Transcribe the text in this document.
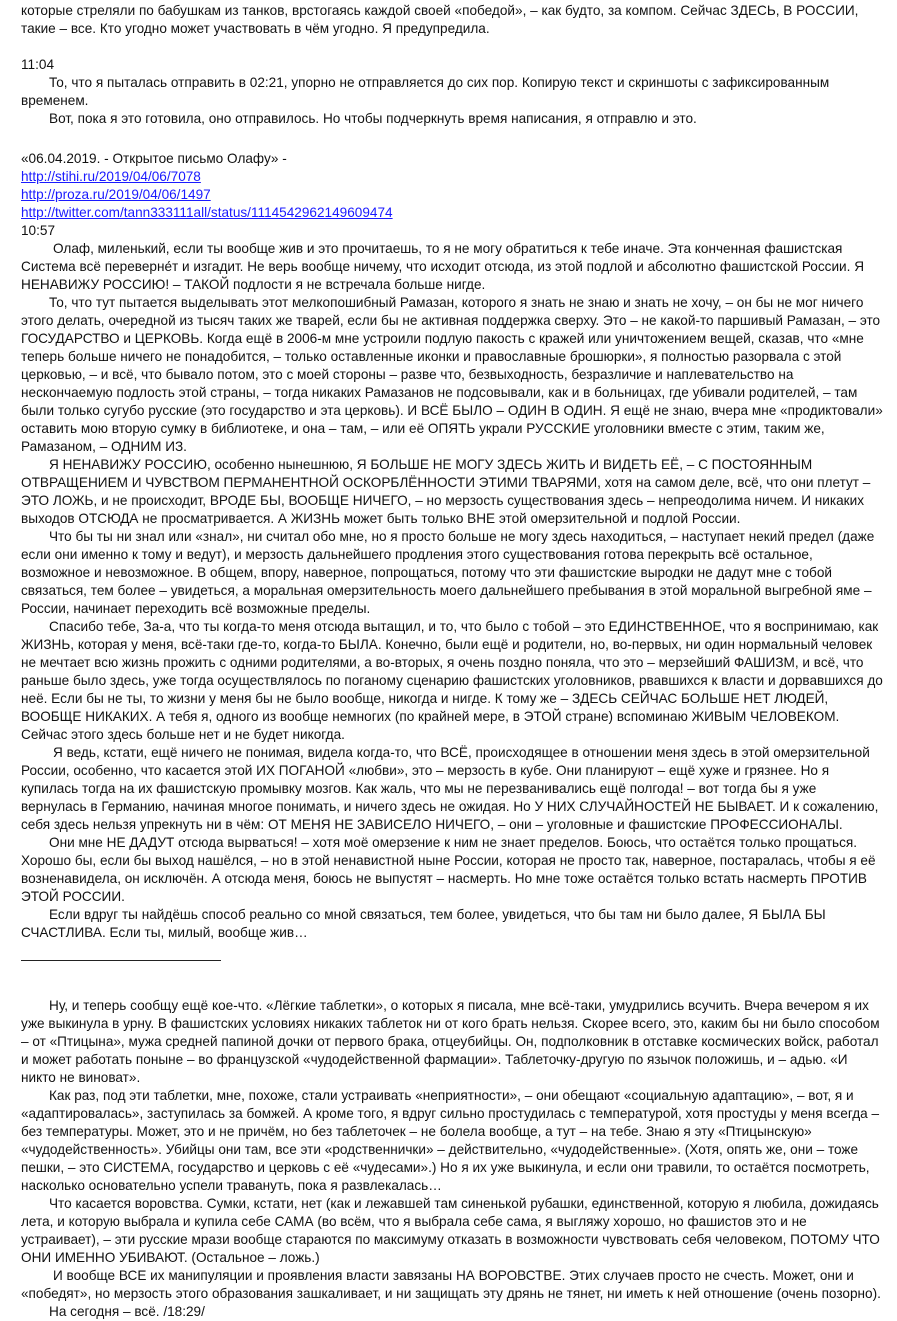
которые стреляли по бабушкам из танков, врстогаясь каждой своей «победой», – как будто, за компом. Сейчас ЗДЕСЬ, В РОССИИ, такие – все. Кто угодно может участвовать в чём угодно. Я предупредила.

11:04

То, что я пыталась отправить в 02:21, упорно не отправляется до сих пор. Копирую текст и скриншоты с зафиксированным временем.

Вот, пока я это готовила, оно отправилось. Но чтобы подчеркнуть время написания, я отправлю и это.

«06.04.2019. - Открытое письмо Олафу» -

http://stihi.ru/2019/04/06/7078
http://proza.ru/2019/04/06/1497
http://twitter.com/tann333111all/status/1114542962149609474

10:57

Олаф, миленький, если ты вообще жив и это прочитаешь, то я не могу обратиться к тебе иначе. Эта конченная фашистская Система всё переверне́т и изгадит. Не верь вообще ничему, что исходит отсюда, из этой подлой и абсолютно фашистской России. Я НЕНАВИЖУ РОССИЮ! – ТАКОЙ подлости я не встречала больше нигде.

То, что тут пытается выделывать этот мелкопошибный Рамазан, которого я знать не знаю и знать не хочу, – он бы не мог ничего этого делать, очередной из тысяч таких же тварей, если бы не активная поддержка сверху. Это – не какой-то паршивый Рамазан, – это ГОСУДАРСТВО и ЦЕРКОВЬ. Когда ещё в 2006-м мне устроили подлую пакость с кражей или уничтожением вещей, сказав, что «мне теперь больше ничего не понадобится, – только оставленные иконки и православные брошюрки», я полностью разорвала с этой церковью, – и всё, что бывало потом, это с моей стороны – разве что, безвыходность, безразличие и наплевательство на нескончаемую подлость этой страны, – тогда никаких Рамазанов не подсовывали, как и в больницах, где убивали родителей, – там были только сугубо русские (это государство и эта церковь). И ВСЁ БЫЛО – ОДИН В ОДИН. Я ещё не знаю, вчера мне «продиктовали» оставить мою вторую сумку в библиотеке, и она – там, – или её ОПЯТЬ украли РУССКИЕ уголовники вместе с этим, таким же, Рамазаном, – ОДНИМ ИЗ.

Я НЕНАВИЖУ РОССИЮ, особенно нынешнюю, Я БОЛЬШЕ НЕ МОГУ ЗДЕСЬ ЖИТЬ И ВИДЕТЬ ЕЁ, – С ПОСТОЯННЫМ ОТВРАЩЕНИЕМ И ЧУВСТВОМ ПЕРМАНЕНТНОЙ ОСКОРБЛЁННОСТИ ЭТИМИ ТВАРЯМИ, хотя на самом деле, всё, что они плетут – ЭТО ЛОЖЬ, и не происходит, ВРОДЕ БЫ, ВООБЩЕ НИЧЕГО, – но мерзость существования здесь – непреодолима ничем. И никаких выходов ОТСЮДА не просматривается. А ЖИЗНЬ может быть только ВНЕ этой омерзительной и подлой России.

Что бы ты ни знал или «знал», ни считал обо мне, но я просто больше не могу здесь находиться, – наступает некий предел (даже если они именно к тому и ведут), и мерзость дальнейшего продления этого существования готова перекрыть всё остальное, возможное и невозможное. В общем, впору, наверное, попрощаться, потому что эти фашистские выродки не дадут мне с тобой связаться, тем более – увидеться, а моральная омерзительность моего дальнейшего пребывания в этой моральной выгребной яме – России, начинает переходить всё возможные пределы.

Спасибо тебе, За-а, что ты когда-то меня отсюда вытащил, и то, что было с тобой – это ЕДИНСТВЕННОЕ, что я воспринимаю, как ЖИЗНЬ, которая у меня, всё-таки где-то, когда-то БЫЛА. Конечно, были ещё и родители, но, во-первых, ни один нормальный человек не мечтает всю жизнь прожить с одними родителями, а во-вторых, я очень поздно поняла, что это – мерзейший ФАШИЗМ, и всё, что раньше было здесь, уже тогда осуществлялось по поганому сценарию фашистских уголовников, рвавшихся к власти и дорвавшихся до неё. Если бы не ты, то жизни у меня бы не было вообще, никогда и нигде. К тому же – ЗДЕСЬ СЕЙЧАС БОЛЬШЕ НЕТ ЛЮДЕЙ, ВООБЩЕ НИКАКИХ. А тебя я, одного из вообще немногих (по крайней мере, в ЭТОЙ стране) вспоминаю ЖИВЫМ ЧЕЛОВЕКОМ. Сейчас этого здесь больше нет и не будет никогда.

Я ведь, кстати, ещё ничего не понимая, видела когда-то, что ВСЁ, происходящее в отношении меня здесь в этой омерзительной России, особенно, что касается этой ИХ ПОГАНОЙ «любви», это – мерзость в кубе. Они планируют – ещё хуже и грязнее. Но я купилась тогда на их фашистскую промывку мозгов. Как жаль, что мы не перезванивались ещё полгода! – вот тогда бы я уже вернулась в Германию, начиная многое понимать, и ничего здесь не ожидая. Но У НИХ СЛУЧАЙНОСТЕЙ НЕ БЫВАЕТ. И к сожалению, себя здесь нельзя упрекнуть ни в чём: ОТ МЕНЯ НЕ ЗАВИСЕЛО НИЧЕГО, – они – уголовные и фашистские ПРОФЕССИОНАЛЫ.

Они мне НЕ ДАДУТ отсюда вырваться! – хотя моё омерзение к ним не знает пределов. Боюсь, что остаётся только прощаться. Хорошо бы, если бы выход нашёлся, – но в этой ненавистной ныне России, которая не просто так, наверное, постаралась, чтобы я её возненавидела, он исключён. А отсюда меня, боюсь не выпустят – насмерть. Но мне тоже остаётся только встать насмерть ПРОТИВ ЭТОЙ РОССИИ.

Если вдруг ты найдёшь способ реально со мной связаться, тем более, увидеться, что бы там ни было далее, Я БЫЛА БЫ СЧАСТЛИВА. Если ты, милый, вообще жив…

Ну, и теперь сообщу ещё кое-что. «Лёгкие таблетки», о которых я писала, мне всё-таки, умудрились всучить. Вчера вечером я их уже выкинула в урну. В фашистских условиях никаких таблеток ни от кого брать нельзя. Скорее всего, это, каким бы ни было способом – от «Птицына», мужа средней папиной дочки от первого брака, отцеубийцы. Он, подполковник в отставке космических войск, работал и может работать поныне – во французской «чудодейственной фармации». Таблеточку-другую по язычок положишь, и – адью. «И никто не виноват».

Как раз, под эти таблетки, мне, похоже, стали устраивать «неприятности», – они обещают «социальную адаптацию», – вот, я и «адаптировалась», заступилась за бомжей. А кроме того, я вдруг сильно простудилась с температурой, хотя простуды у меня всегда – без температуры. Может, это и не причём, но без таблеточек – не болела вообще, а тут – на тебе. Знаю я эту «Птицынскую» «чудодейственность». Убийцы они там, все эти «родственнички» – действительно, «чудодейственные». (Хотя, опять же, они – тоже пешки, – это СИСТЕМА, государство и церковь с её «чудесами».) Но я их уже выкинула, и если они травили, то остаётся посмотреть, насколько основательно успели травануть, пока я развлекалась…

Что касается воровства. Сумки, кстати, нет (как и лежавшей там синенькой рубашки, единственной, которую я любила, дожидаясь лета, и которую выбрала и купила себе САМА (во всём, что я выбрала себе сама, я выгляжу хорошо, но фашистов это и не устраивает), – эти русские мрази вообще стараются по максимуму отказать в возможности чувствовать себя человеком, ПОТОМУ ЧТО ОНИ ИМЕННО УБИВАЮТ. (Остальное – ложь.)

И вообще ВСЕ их манипуляции и проявления власти завязаны НА ВОРОВСТВЕ. Этих случаев просто не счесть. Может, они и «победят», но мерзость этого образования зашкаливает, и ни защищать эту дрянь не тянет, ни иметь к ней отношение (очень позорно).

На сегодня – всё. /18:29/
